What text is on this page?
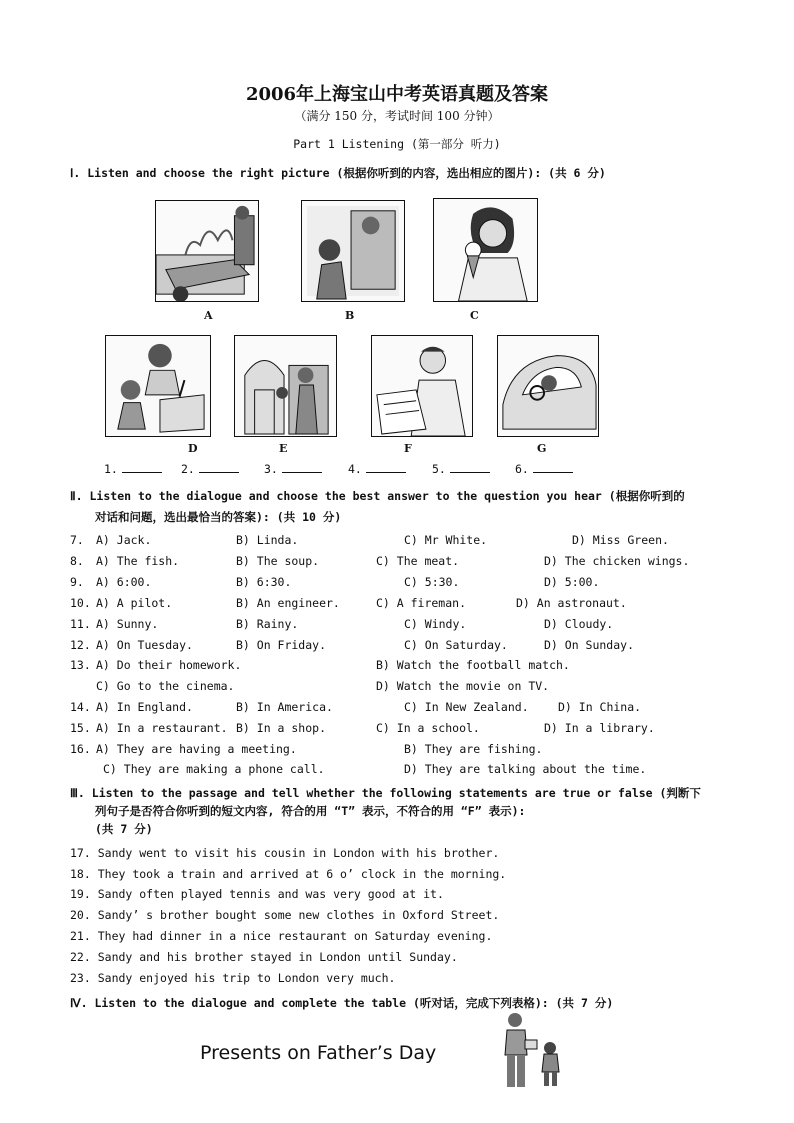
2006年上海宝山中考英语真题及答案
（满分 150 分，考试时间 100 分钟）
Part 1 Listening (第一部分 听力)
Ⅰ. Listen and choose the right picture (根据你听到的内容，选出相应的图片): (共 6 分)
A	B	C
D	E	F	G
1.	2.	3.	4.	5.	6.
Ⅱ. Listen to the dialogue and choose the best answer to the question you hear (根据你听到的
对话和问题，选出最恰当的答案): (共 10 分)
7. A) Jack.	B) Linda.	C) Mr White.	D) Miss Green.
8. A) The fish.	B) The soup.	C) The meat.	D) The chicken wings.
9. A) 6:00.	B) 6:30.	C) 5:30.	D) 5:00.
10. A) A pilot.	B) An engineer.	C) A fireman.	D) An astronaut.
11. A) Sunny.	B) Rainy.	C) Windy.	D) Cloudy.
12. A) On Tuesday.	B) On Friday.	C) On Saturday.	D) On Sunday.
13. A) Do their homework.	B) Watch the football match.
C) Go to the cinema.	D) Watch the movie on TV.
14. A) In England.	B) In America.	C) In New Zealand.	D) In China.
15. A) In a restaurant. B) In a shop.	C) In a school.	D) In a library.
16. A) They are having a meeting.	B) They are fishing.
C) They are making a phone call.	D) They are talking about the time.
Ⅲ. Listen to the passage and tell whether the following statements are true or false (判断下
列句子是否符合你听到的短文内容, 符合的用 “T” 表示，不符合的用 “F” 表示):
(共 7 分)
17. Sandy went to visit his cousin in London with his brother.
18. They took a train and arrived at 6 o’ clock in the morning.
19. Sandy often played tennis and was very good at it.
20. Sandy’ s brother bought some new clothes in Oxford Street.
21. They had dinner in a nice restaurant on Saturday evening.
22. Sandy and his brother stayed in London until Sunday.
23. Sandy enjoyed his trip to London very much.
Ⅳ. Listen to the dialogue and complete the table (听对话，完成下列表格): (共 7 分)
Presents on Father’s Day
